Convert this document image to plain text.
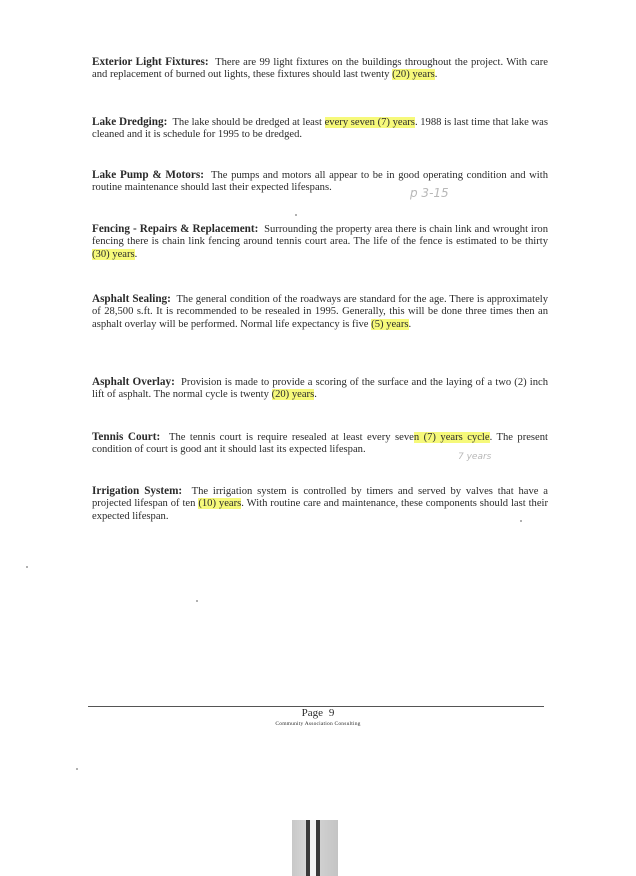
Exterior Light Fixtures: There are 99 light fixtures on the buildings throughout the project. With care and replacement of burned out lights, these fixtures should last twenty (20) years.
Lake Dredging: The lake should be dredged at least every seven (7) years. 1988 is last time that lake was cleaned and it is schedule for 1995 to be dredged.
Lake Pump & Motors: The pumps and motors all appear to be in good operating condition and with routine maintenance should last their expected lifespans.
Fencing - Repairs & Replacement: Surrounding the property area there is chain link and wrought iron fencing there is chain link fencing around tennis court area. The life of the fence is estimated to be thirty (30) years.
Asphalt Sealing: The general condition of the roadways are standard for the age. There is approximately of 28,500 s.ft. It is recommended to be resealed in 1995. Generally, this will be done three times then an asphalt overlay will be performed. Normal life expectancy is five (5) years.
Asphalt Overlay: Provision is made to provide a scoring of the surface and the laying of a two (2) inch lift of asphalt. The normal cycle is twenty (20) years.
Tennis Court: The tennis court is require resealed at least every seven (7) years cycle. The present condition of court is good ant it should last its expected lifespan.
Irrigation System: The irrigation system is controlled by timers and served by valves that have a projected lifespan of ten (10) years. With routine care and maintenance, these components should last their expected lifespan.
p 3-15
7 years
Page 9
Community Association Consulting
